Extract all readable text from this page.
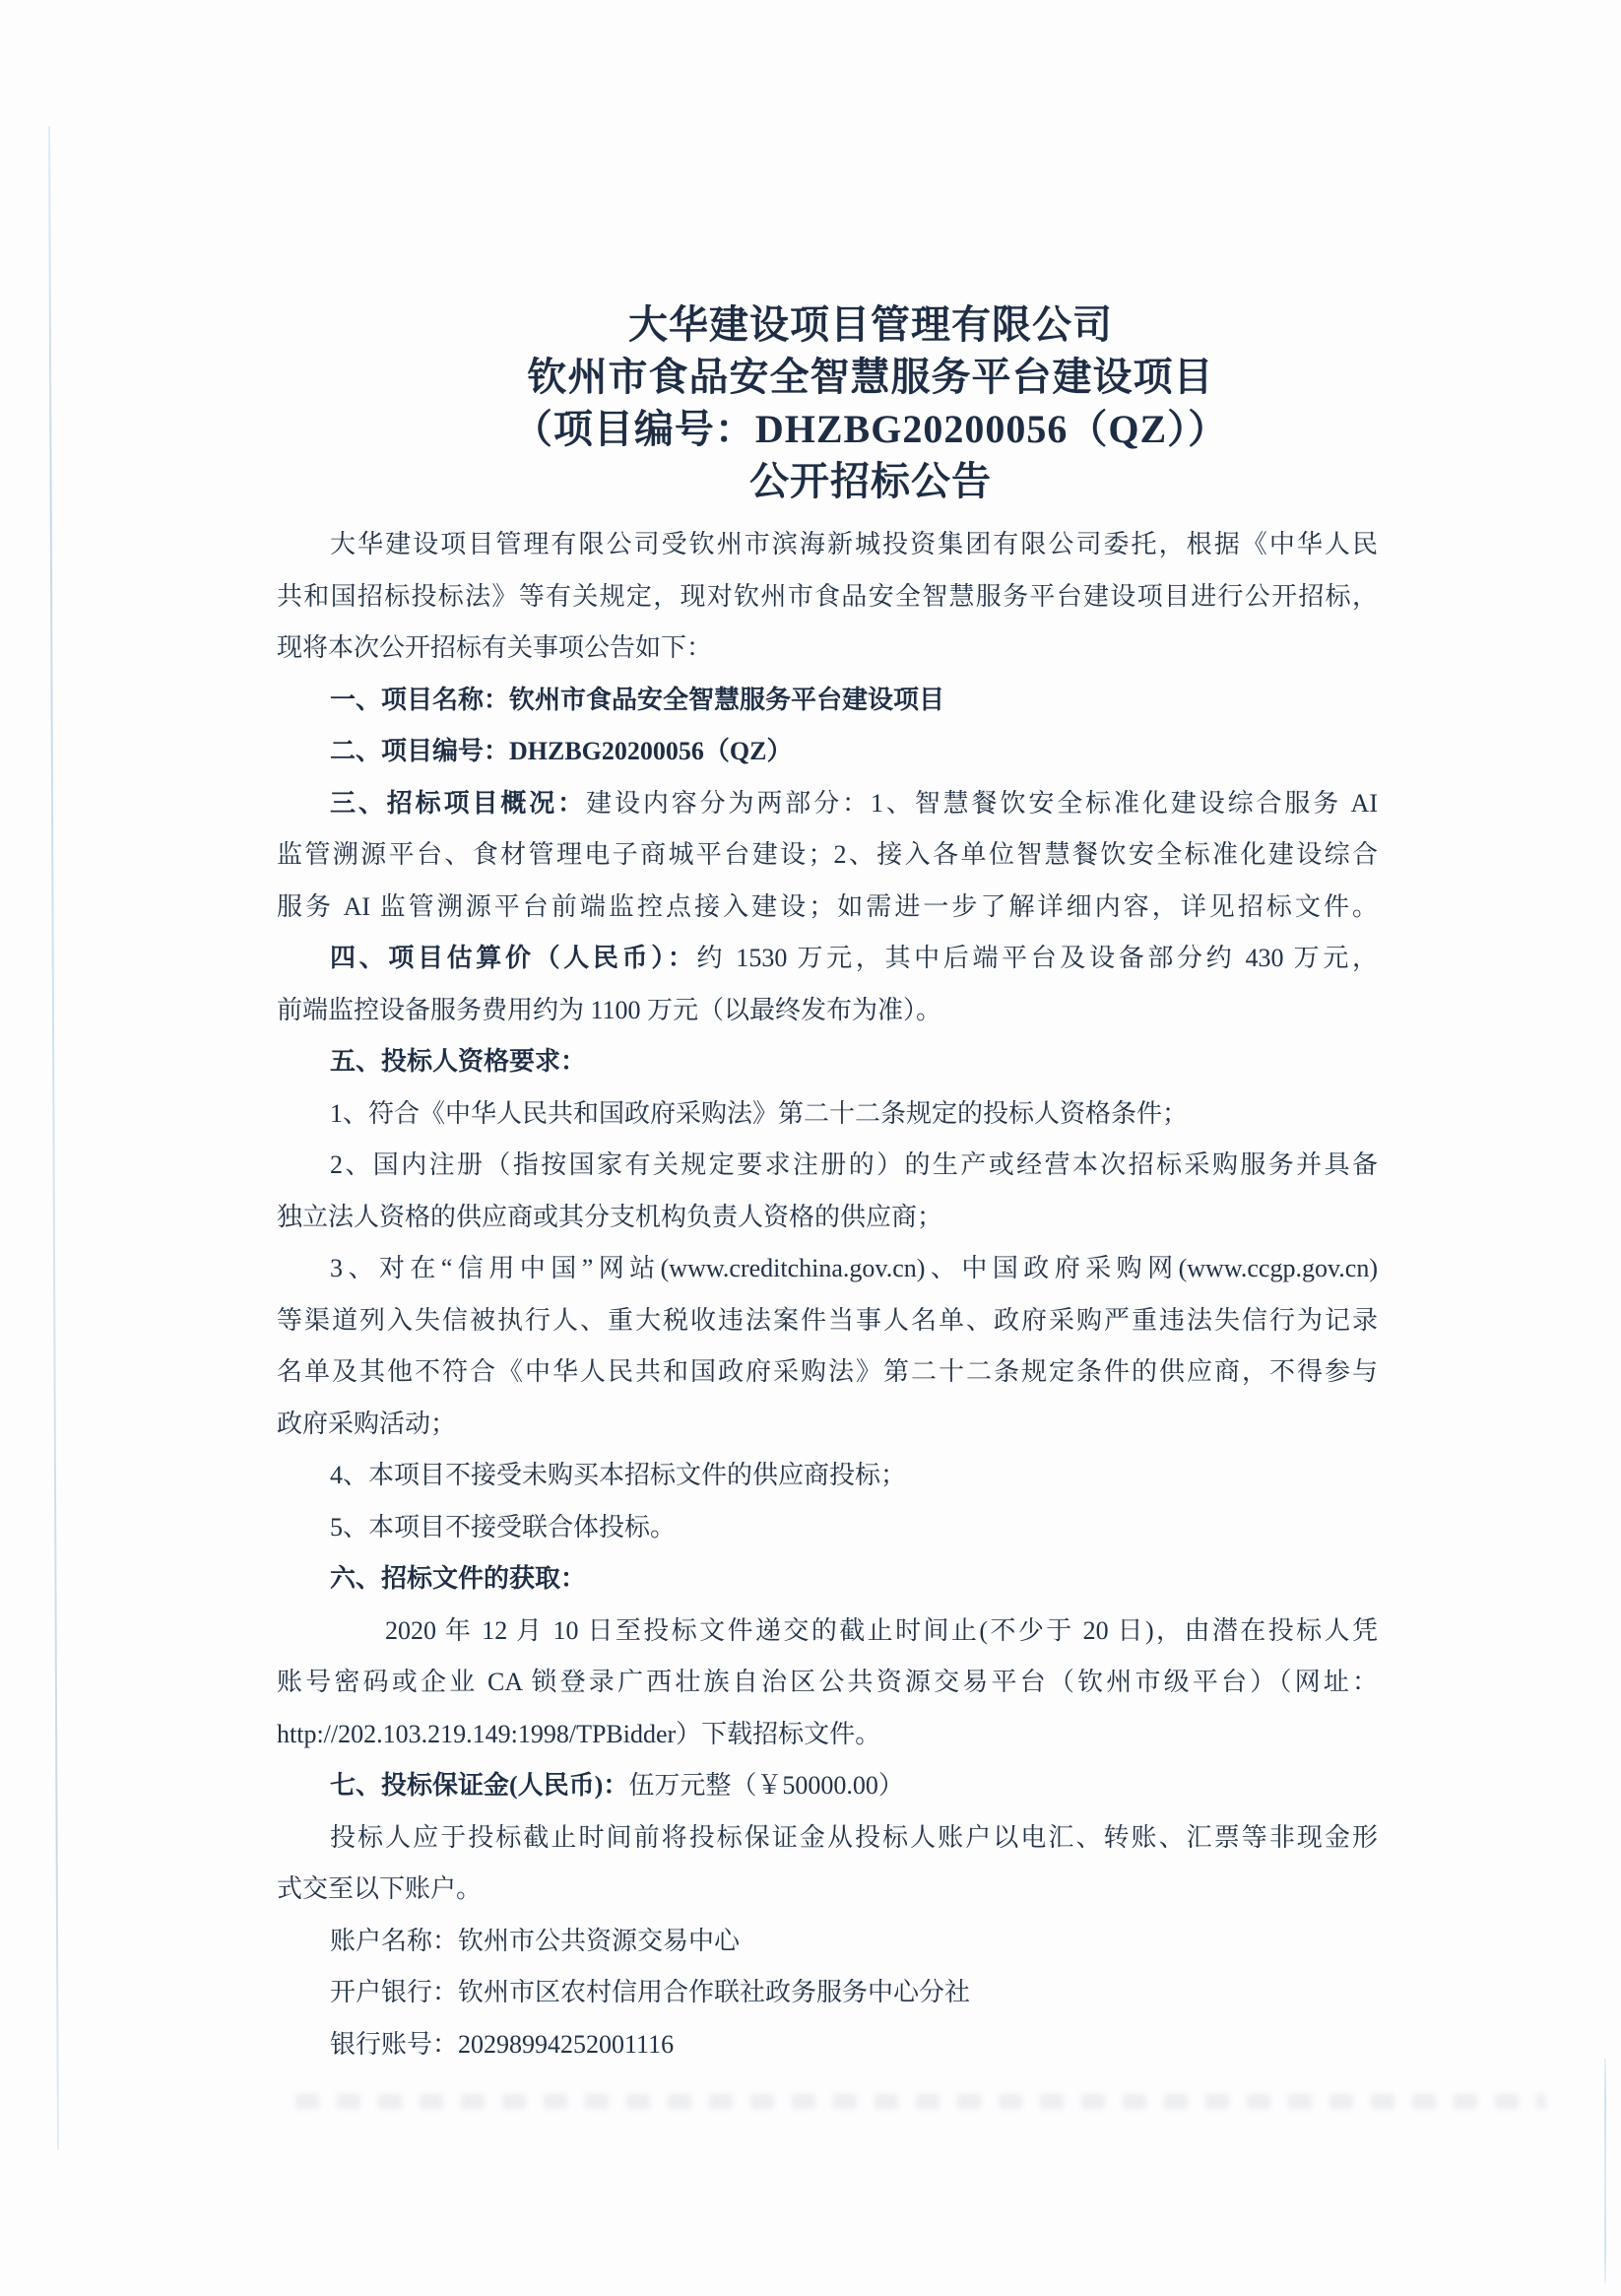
大华建设项目管理有限公司
钦州市食品安全智慧服务平台建设项目
（项目编号：DHZBG20200056（QZ））
公开招标公告
大华建设项目管理有限公司受钦州市滨海新城投资集团有限公司委托，根据《中华人民
共和国招标投标法》等有关规定，现对钦州市食品安全智慧服务平台建设项目进行公开招标，
现将本次公开招标有关事项公告如下：
一、项目名称：钦州市食品安全智慧服务平台建设项目
二、项目编号：DHZBG20200056（QZ）
三、招标项目概况：建设内容分为两部分：1、智慧餐饮安全标准化建设综合服务 AI
监管溯源平台、食材管理电子商城平台建设；2、接入各单位智慧餐饮安全标准化建设综合
服务 AI 监管溯源平台前端监控点接入建设；如需进一步了解详细内容，详见招标文件。
四、项目估算价（人民币）：约 1530 万元，其中后端平台及设备部分约 430 万元，
前端监控设备服务费用约为 1100 万元（以最终发布为准）。
五、投标人资格要求：
1、符合《中华人民共和国政府采购法》第二十二条规定的投标人资格条件；
2、国内注册（指按国家有关规定要求注册的）的生产或经营本次招标采购服务并具备
独立法人资格的供应商或其分支机构负责人资格的供应商；
3、对在“信用中国”网站(www.creditchina.gov.cn)、中国政府采购网(www.ccgp.gov.cn)
等渠道列入失信被执行人、重大税收违法案件当事人名单、政府采购严重违法失信行为记录
名单及其他不符合《中华人民共和国政府采购法》第二十二条规定条件的供应商，不得参与
政府采购活动；
4、本项目不接受未购买本招标文件的供应商投标；
5、本项目不接受联合体投标。
六、招标文件的获取：
2020 年 12 月 10 日至投标文件递交的截止时间止(不少于 20 日)，由潜在投标人凭
账号密码或企业 CA 锁登录广西壮族自治区公共资源交易平台（钦州市级平台）（网址：
http://202.103.219.149:1998/TPBidder）下载招标文件。
七、投标保证金(人民币)：伍万元整（￥50000.00）
投标人应于投标截止时间前将投标保证金从投标人账户以电汇、转账、汇票等非现金形
式交至以下账户。
账户名称：钦州市公共资源交易中心
开户银行：钦州市区农村信用合作联社政务服务中心分社
银行账号：20298994252001116
